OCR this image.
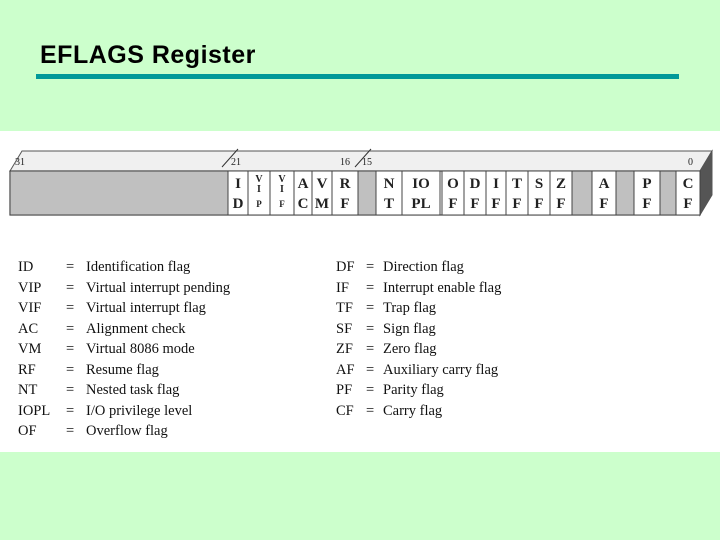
EFLAGS Register
I
D
V
I
P
V
I
F
A
C
V
M
R
F
N
T
IO
PL
O
F
D
F
I
F
T
F
S
F
Z
F
A
F
P
F
C
F
31	21	16 15	0
ID = Identification flag
VIP = Virtual interrupt pending
VIF = Virtual interrupt flag
AC = Alignment check
VM = Virtual 8086 mode
RF = Resume flag
NT = Nested task flag
IOPL = I/O privilege level
OF = Overflow flag
DF = Direction flag
IF = Interrupt enable flag
TF = Trap flag
SF = Sign flag
ZF = Zero flag
AF = Auxiliary carry flag
PF = Parity flag
CF = Carry flag
